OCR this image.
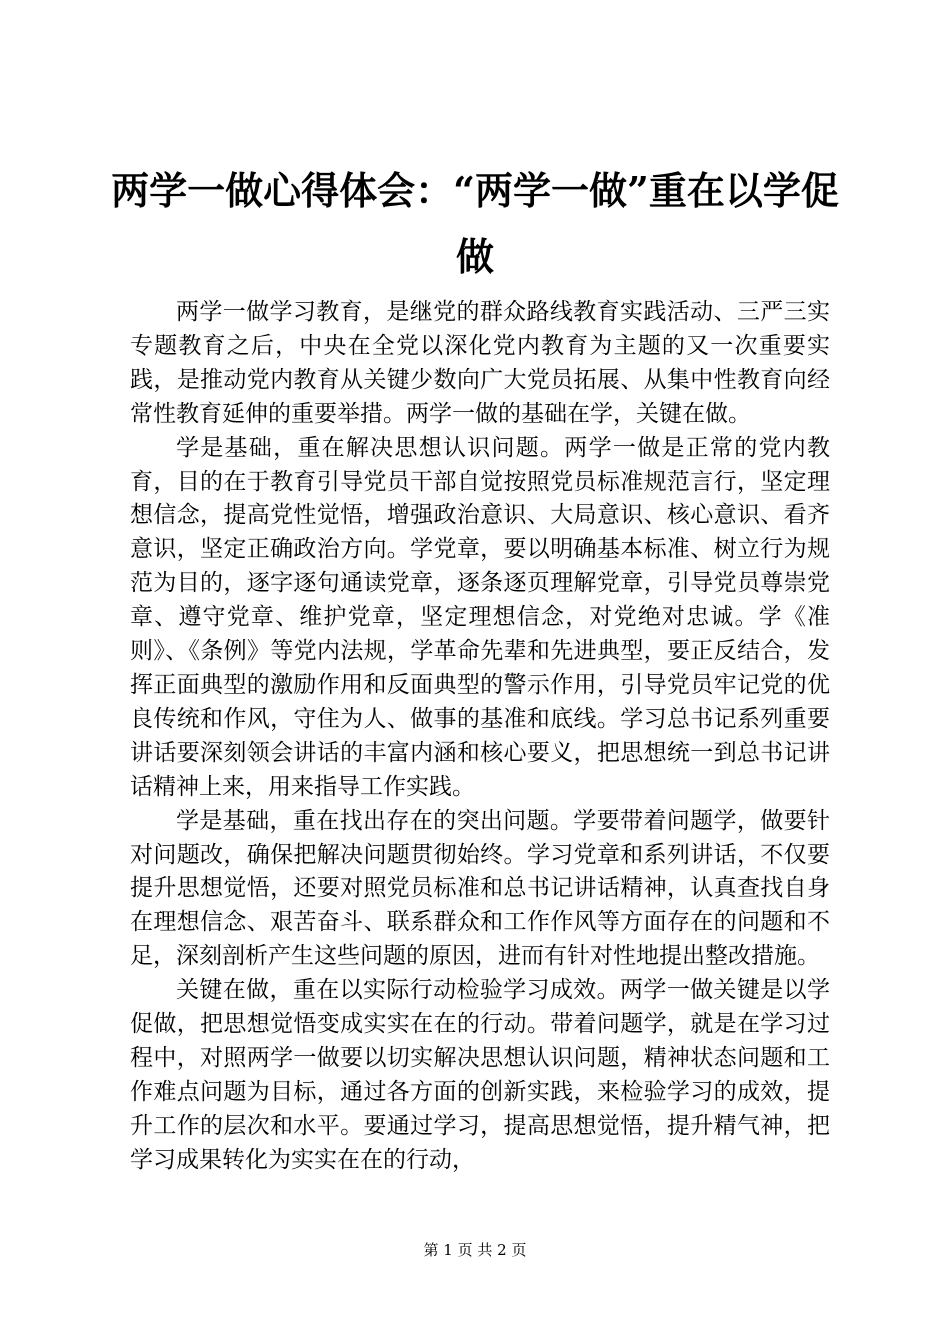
两学一做心得体会：“两学一做”重在以学促做

两学一做学习教育，是继党的群众路线教育实践活动、三严三实专题教育之后，中央在全党以深化党内教育为主题的又一次重要实践，是推动党内教育从关键少数向广大党员拓展、从集中性教育向经常性教育延伸的重要举措。两学一做的基础在学，关键在做。

学是基础，重在解决思想认识问题。两学一做是正常的党内教育，目的在于教育引导党员干部自觉按照党员标准规范言行，坚定理想信念，提高党性觉悟，增强政治意识、大局意识、核心意识、看齐意识，坚定正确政治方向。学党章，要以明确基本标准、树立行为规范为目的，逐字逐句通读党章，逐条逐页理解党章，引导党员尊崇党章、遵守党章、维护党章，坚定理想信念，对党绝对忠诚。学《准则》、《条例》等党内法规，学革命先辈和先进典型，要正反结合，发挥正面典型的激励作用和反面典型的警示作用，引导党员牢记党的优良传统和作风，守住为人、做事的基准和底线。学习总书记系列重要讲话要深刻领会讲话的丰富内涵和核心要义，把思想统一到总书记讲话精神上来，用来指导工作实践。

学是基础，重在找出存在的突出问题。学要带着问题学，做要针对问题改，确保把解决问题贯彻始终。学习党章和系列讲话，不仅要提升思想觉悟，还要对照党员标准和总书记讲话精神，认真查找自身在理想信念、艰苦奋斗、联系群众和工作作风等方面存在的问题和不足，深刻剖析产生这些问题的原因，进而有针对性地提出整改措施。

关键在做，重在以实际行动检验学习成效。两学一做关键是以学促做，把思想觉悟变成实实在在的行动。带着问题学，就是在学习过程中，对照两学一做要以切实解决思想认识问题，精神状态问题和工作难点问题为目标，通过各方面的创新实践，来检验学习的成效，提升工作的层次和水平。要通过学习，提高思想觉悟，提升精气神，把学习成果转化为实实在在的行动，

第 1 页 共 2 页
